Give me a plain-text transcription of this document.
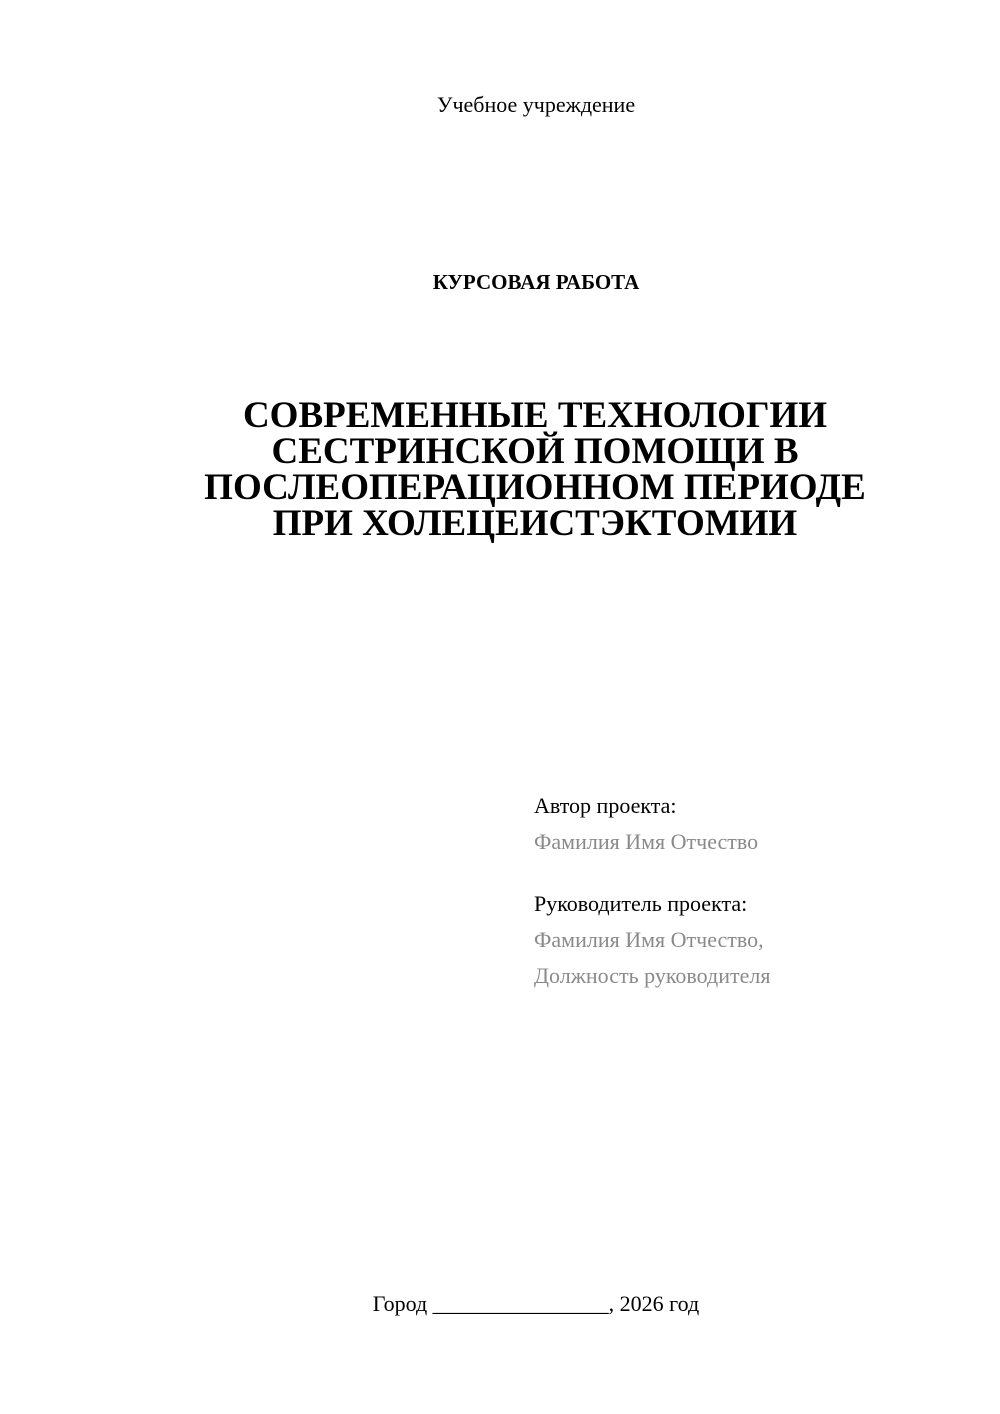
Учебное учреждение
КУРСОВАЯ РАБОТА
СОВРЕМЕННЫЕ ТЕХНОЛОГИИ
СЕСТРИНСКОЙ ПОМОЩИ В
ПОСЛЕОПЕРАЦИОННОМ ПЕРИОДЕ
ПРИ ХОЛЕЦЕИСТЭКТОМИИ
Автор проекта:
Фамилия Имя Отчество
Руководитель проекта:
Фамилия Имя Отчество,
Должность руководителя
Город ________________, 2026 год
